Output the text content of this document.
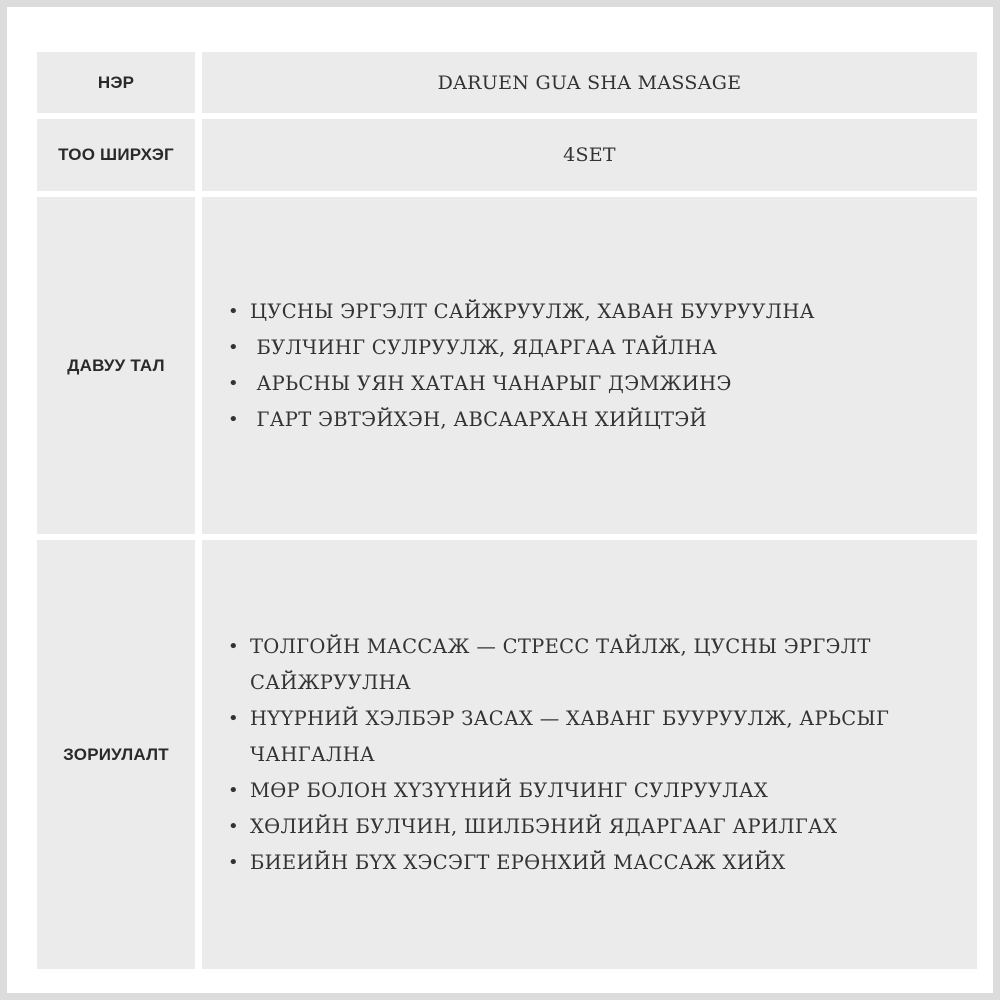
НЭР	DARUEN GUA SHA MASSAGE
ТОО ШИРХЭГ	4SET
ДАВУУ ТАЛ
• ЦУСНЫ ЭРГЭЛТ САЙЖРУУЛЖ, ХАВАН БУУРУУЛНА
•  БУЛЧИНГ СУЛРУУЛЖ, ЯДАРГАА ТАЙЛНА
•  АРЬСНЫ УЯН ХАТАН ЧАНАРЫГ ДЭМЖИНЭ
•  ГАРТ ЭВТЭЙХЭН, АВСААРХАН ХИЙЦТЭЙ
ЗОРИУЛАЛТ
• ТОЛГОЙН МАССАЖ — СТРЕСС ТАЙЛЖ, ЦУСНЫ ЭРГЭЛТ САЙЖРУУЛНА
• НҮҮРНИЙ ХЭЛБЭР ЗАСАХ — ХАВАНГ БУУРУУЛЖ, АРЬСЫГ ЧАНГАЛНА
• МӨР БОЛОН ХҮЗҮҮНИЙ БУЛЧИНГ СУЛРУУЛАХ
• ХӨЛИЙН БУЛЧИН, ШИЛБЭНИЙ ЯДАРГААГ АРИЛГАХ
• БИЕИЙН БҮХ ХЭСЭГТ ЕРӨНХИЙ МАССАЖ ХИЙХ
